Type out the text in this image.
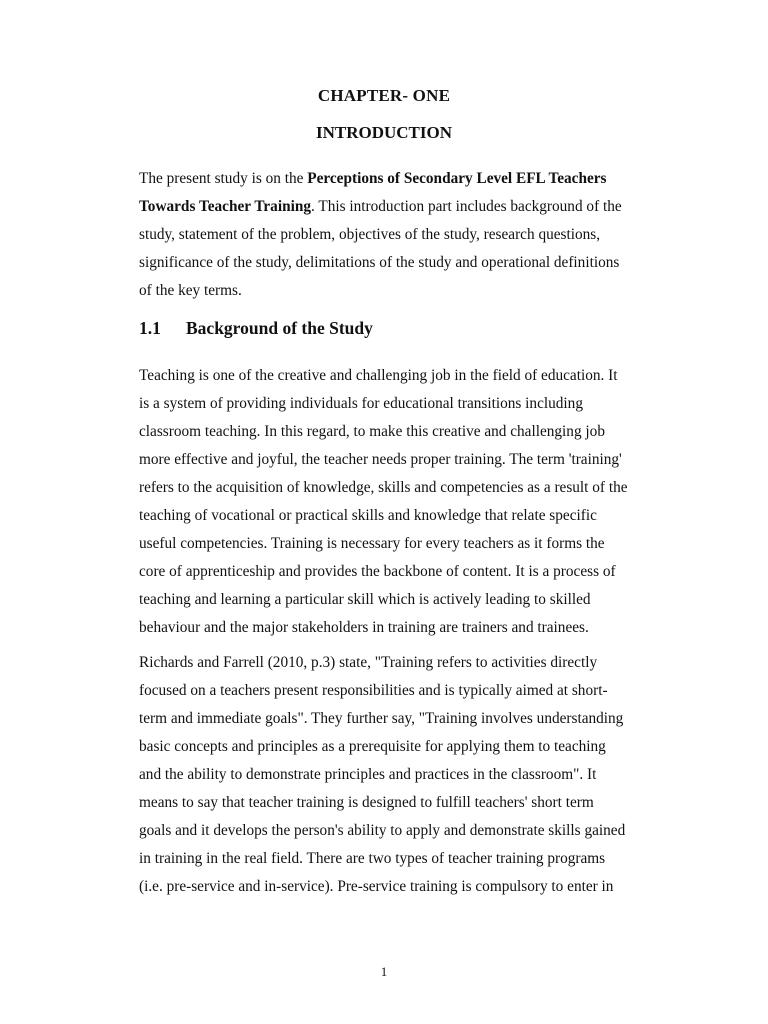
CHAPTER- ONE
INTRODUCTION

The present study is on the Perceptions of Secondary Level EFL Teachers
Towards Teacher Training. This introduction part includes background of the
study, statement of the problem, objectives of the study, research questions,
significance of the study, delimitations of the study and operational definitions
of the key terms.

1.1 Background of the Study

Teaching is one of the creative and challenging job in the field of education. It
is a system of providing individuals for educational transitions including
classroom teaching. In this regard, to make this creative and challenging job
more effective and joyful, the teacher needs proper training. The term 'training'
refers to the acquisition of knowledge, skills and competencies as a result of the
teaching of vocational or practical skills and knowledge that relate specific
useful competencies. Training is necessary for every teachers as it forms the
core of apprenticeship and provides the backbone of content. It is a process of
teaching and learning a particular skill which is actively leading to skilled
behaviour and the major stakeholders in training are trainers and trainees.

Richards and Farrell (2010, p.3) state, "Training refers to activities directly
focused on a teachers present responsibilities and is typically aimed at short-
term and immediate goals". They further say, "Training involves understanding
basic concepts and principles as a prerequisite for applying them to teaching
and the ability to demonstrate principles and practices in the classroom". It
means to say that teacher training is designed to fulfill teachers' short term
goals and it develops the person's ability to apply and demonstrate skills gained
in training in the real field. There are two types of teacher training programs
(i.e. pre-service and in-service). Pre-service training is compulsory to enter in

1
